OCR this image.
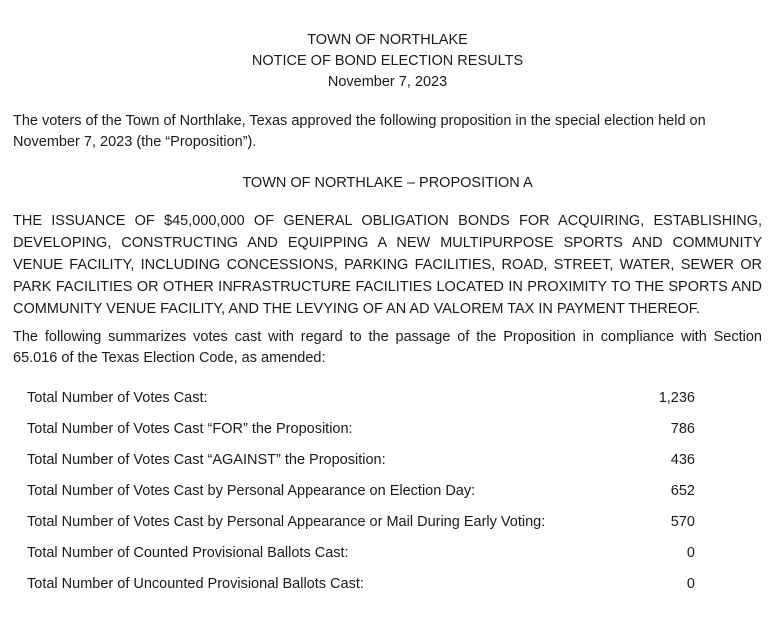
TOWN OF NORTHLAKE
NOTICE OF BOND ELECTION RESULTS
November 7, 2023

The voters of the Town of Northlake, Texas approved the following proposition in the special election held on November 7, 2023 (the “Proposition”).

TOWN OF NORTHLAKE – PROPOSITION A

THE ISSUANCE OF $45,000,000 OF GENERAL OBLIGATION BONDS FOR ACQUIRING, ESTABLISHING, DEVELOPING, CONSTRUCTING AND EQUIPPING A NEW MULTIPURPOSE SPORTS AND COMMUNITY VENUE FACILITY, INCLUDING CONCESSIONS, PARKING FACILITIES, ROAD, STREET, WATER, SEWER OR PARK FACILITIES OR OTHER INFRASTRUCTURE FACILITIES LOCATED IN PROXIMITY TO THE SPORTS AND COMMUNITY VENUE FACILITY, AND THE LEVYING OF AN AD VALOREM TAX IN PAYMENT THEREOF.

The following summarizes votes cast with regard to the passage of the Proposition in compliance with Section 65.016 of the Texas Election Code, as amended:

Total Number of Votes Cast:	1,236
Total Number of Votes Cast “FOR” the Proposition:	786
Total Number of Votes Cast “AGAINST” the Proposition:	436
Total Number of Votes Cast by Personal Appearance on Election Day:	652
Total Number of Votes Cast by Personal Appearance or Mail During Early Voting:	570
Total Number of Counted Provisional Ballots Cast:	0
Total Number of Uncounted Provisional Ballots Cast:	0
